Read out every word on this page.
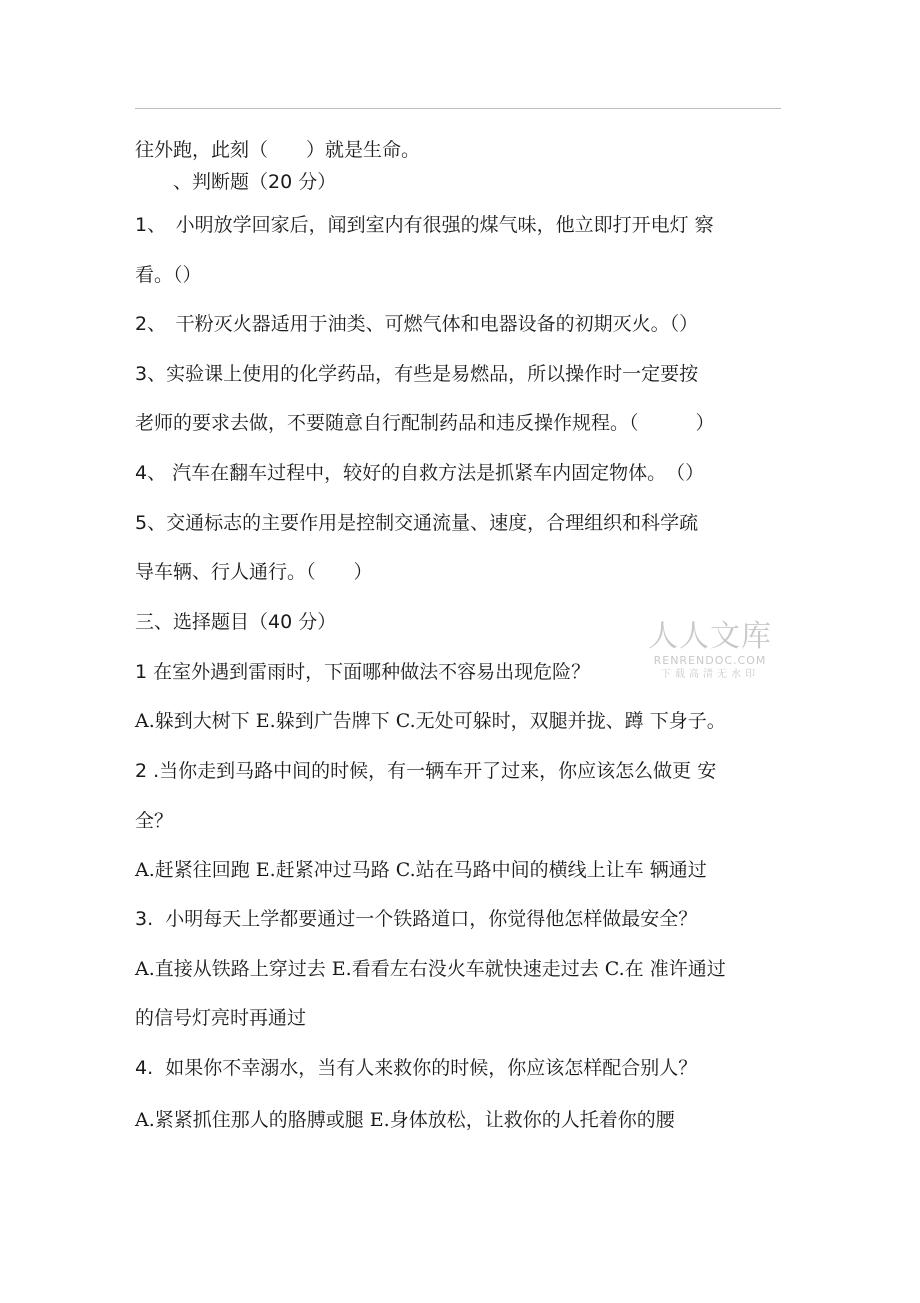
往外跑，此刻（　　）就是生命。
　　、判断题（20 分）
1、　小明放学回家后，闻到室内有很强的煤气味，他立即打开电灯 察
看。（）
2、　干粉灭火器适用于油类、可燃气体和电器设备的初期灭火。（）
3、实验课上使用的化学药品，有些是易燃品，所以操作时一定要按
老师的要求去做，不要随意自行配制药品和违反操作规程。（　　　）
4、 汽车在翻车过程中，较好的自救方法是抓紧车内固定物体。　（）
5、交通标志的主要作用是控制交通流量、速度，合理组织和科学疏
导车辆、行人通行。（　　）
三、选择题目（40 分）
1 在室外遇到雷雨时，下面哪种做法不容易出现危险？
A.躲到大树下 E.躲到广告牌下 C.无处可躲时，双腿并拢、蹲 下身子。
2 .当你走到马路中间的时候，有一辆车开了过来，你应该怎么做更 安
全？
A.赶紧往回跑 E.赶紧冲过马路 C.站在马路中间的横线上让车 辆通过
3.  小明每天上学都要通过一个铁路道口，你觉得他怎样做最安全？
A.直接从铁路上穿过去 E.看看左右没火车就快速走过去 C.在 准许通过
的信号灯亮时再通过
4.  如果你不幸溺水，当有人来救你的时候，你应该怎样配合别人？
A.紧紧抓住那人的胳膊或腿 E.身体放松，让救你的人托着你的腰
人人文库
RENRENDOC.COM
下载高清无水印
